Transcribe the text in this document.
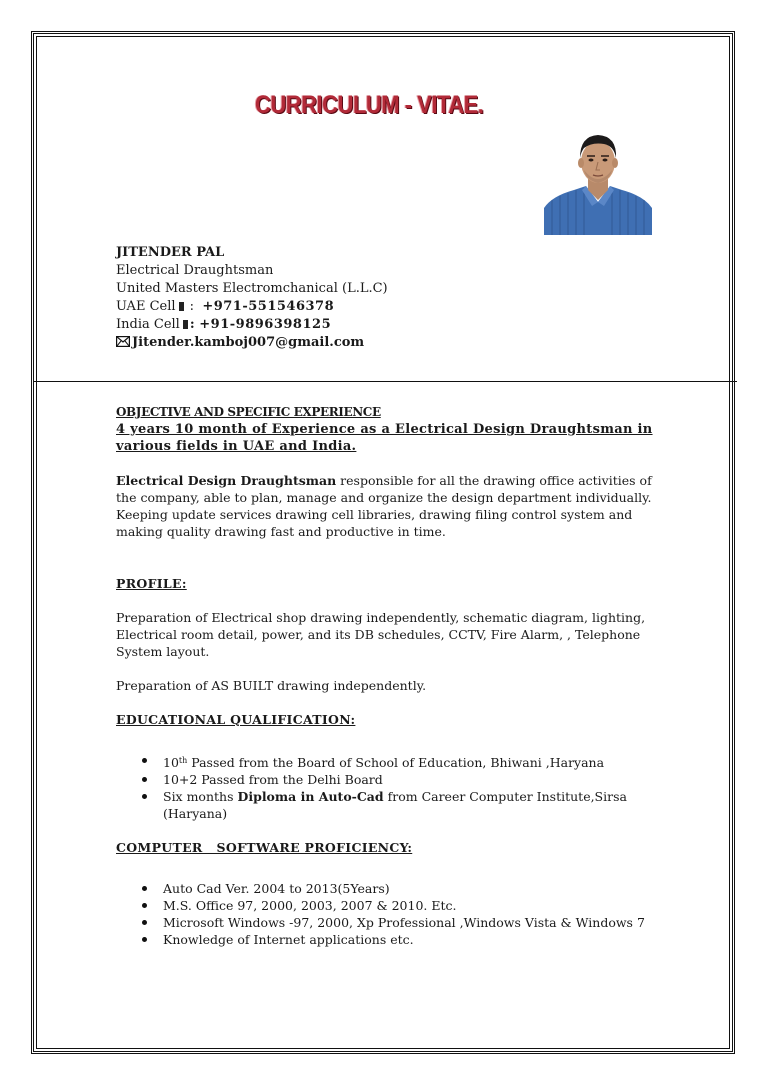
CURRICULUM - VITAE.
JITENDER PAL
Electrical Draughtsman
United Masters Electromchanical (L.L.C)
UAE Cell : +971-551546378
India Cell : +91-9896398125
Jitender.kamboj007@gmail.com
OBJECTIVE AND SPECIFIC EXPERIENCE
4 years 10 month of Experience as a Electrical Design Draughtsman in various fields in UAE and India.

Electrical Design Draughtsman responsible for all the drawing office activities of the company, able to plan, manage and organize the design department individually. Keeping update services drawing cell libraries, drawing filing control system and making quality drawing fast and productive in time.

PROFILE:

Preparation of Electrical shop drawing independently, schematic diagram, lighting, Electrical room detail, power, and its DB schedules, CCTV, Fire Alarm, , Telephone System layout.

Preparation of AS BUILT drawing independently.

EDUCATIONAL QUALIFICATION:
10th Passed from the Board of School of Education, Bhiwani ,Haryana
10+2 Passed from the Delhi Board
Six months Diploma in Auto-Cad from Career Computer Institute,Sirsa (Haryana)
COMPUTER   SOFTWARE PROFICIENCY:
Auto Cad Ver. 2004 to 2013(5Years)
M.S. Office 97, 2000, 2003, 2007 & 2010. Etc.
Microsoft Windows -97, 2000, Xp Professional ,Windows Vista & Windows 7
Knowledge of Internet applications etc.
